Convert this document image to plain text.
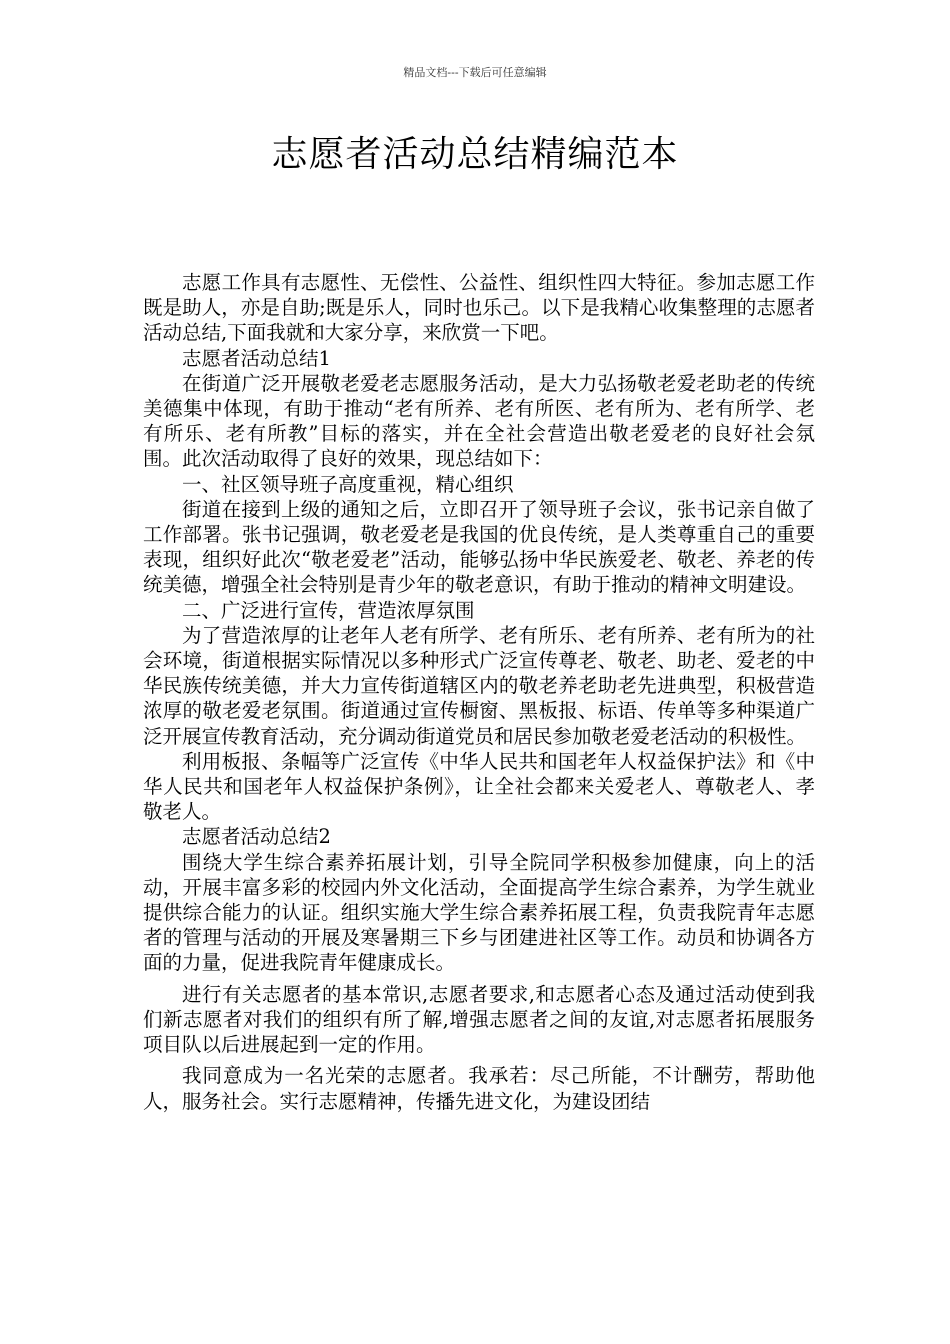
精品文档---下载后可任意编辑
志愿者活动总结精编范本

志愿工作具有志愿性、无偿性、公益性、组织性四大特征。参加志愿工作既是助人，亦是自助;既是乐人，同时也乐己。以下是我精心收集整理的志愿者活动总结,下面我就和大家分享，来欣赏一下吧。

志愿者活动总结1

在街道广泛开展敬老爱老志愿服务活动，是大力弘扬敬老爱老助老的传统美德集中体现，有助于推动“老有所养、老有所医、老有所为、老有所学、老有所乐、老有所教”目标的落实，并在全社会营造出敬老爱老的良好社会氛围。此次活动取得了良好的效果，现总结如下：

一、社区领导班子高度重视，精心组织

街道在接到上级的通知之后，立即召开了领导班子会议，张书记亲自做了工作部署。张书记强调，敬老爱老是我国的优良传统，是人类尊重自己的重要表现，组织好此次“敬老爱老”活动，能够弘扬中华民族爱老、敬老、养老的传统美德，增强全社会特别是青少年的敬老意识，有助于推动的精神文明建设。

二、广泛进行宣传，营造浓厚氛围

为了营造浓厚的让老年人老有所学、老有所乐、老有所养、老有所为的社会环境，街道根据实际情况以多种形式广泛宣传尊老、敬老、助老、爱老的中华民族传统美德，并大力宣传街道辖区内的敬老养老助老先进典型，积极营造浓厚的敬老爱老氛围。街道通过宣传橱窗、黑板报、标语、传单等多种渠道广泛开展宣传教育活动，充分调动街道党员和居民参加敬老爱老活动的积极性。

利用板报、条幅等广泛宣传《中华人民共和国老年人权益保护法》和《中华人民共和国老年人权益保护条例》，让全社会都来关爱老人、尊敬老人、孝敬老人。

志愿者活动总结2

围绕大学生综合素养拓展计划，引导全院同学积极参加健康，向上的活动，开展丰富多彩的校园内外文化活动，全面提高学生综合素养，为学生就业提供综合能力的认证。组织实施大学生综合素养拓展工程，负责我院青年志愿者的管理与活动的开展及寒暑期三下乡与团建进社区等工作。动员和协调各方面的力量，促进我院青年健康成长。

进行有关志愿者的基本常识,志愿者要求,和志愿者心态及通过活动使到我们新志愿者对我们的组织有所了解,增强志愿者之间的友谊,对志愿者拓展服务项目队以后进展起到一定的作用。

我同意成为一名光荣的志愿者。我承若：尽己所能，不计酬劳，帮助他人，服务社会。实行志愿精神，传播先进文化，为建设团结
